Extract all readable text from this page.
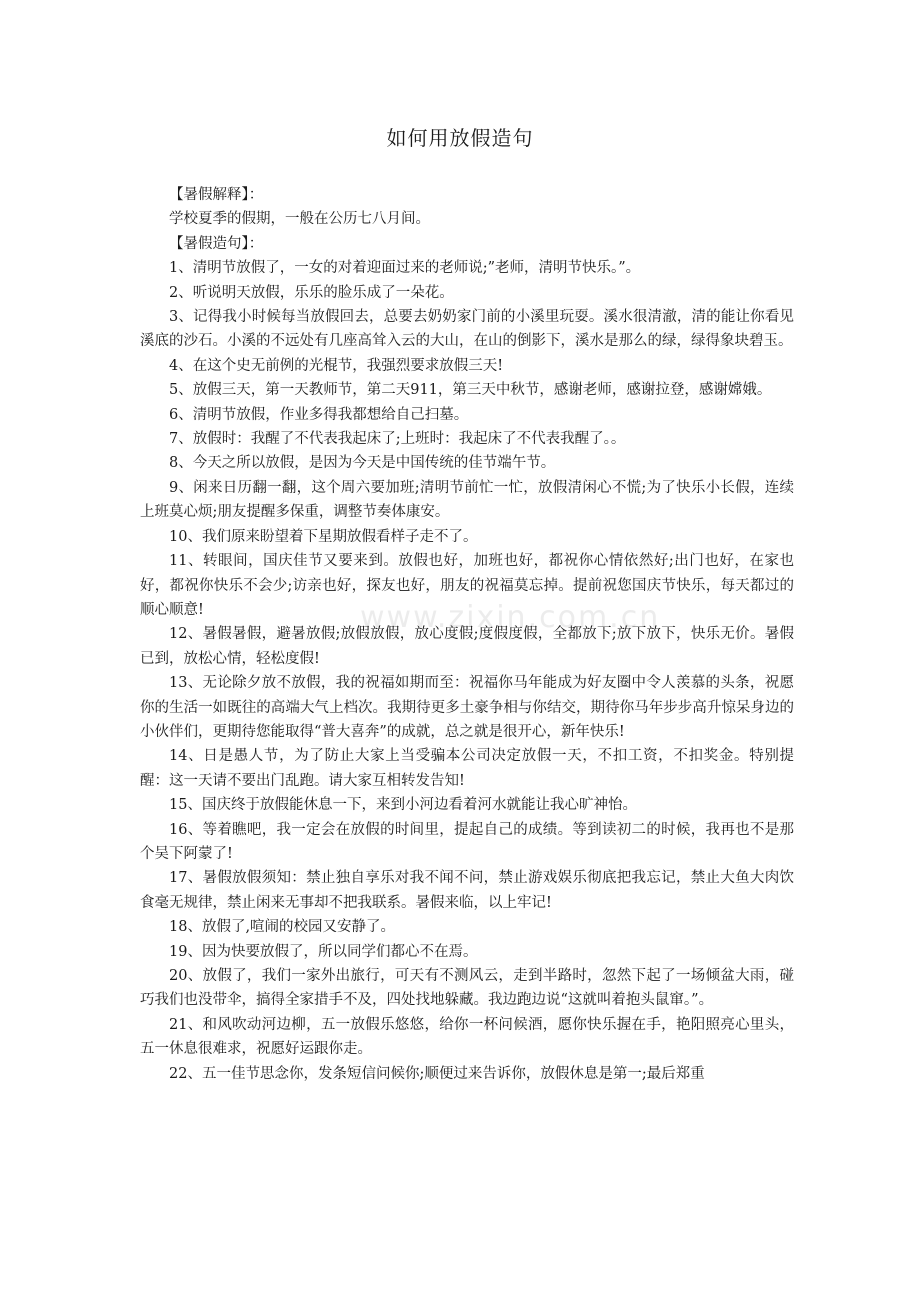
如何用放假造句
www.zixin.com.cn

【暑假解释】：

学校夏季的假期，一般在公历七八月间。

【暑假造句】：

1、清明节放假了，一女的对着迎面过来的老师说;”老师，清明节快乐。”。

2、听说明天放假，乐乐的脸乐成了一朵花。

3、记得我小时候每当放假回去，总要去奶奶家门前的小溪里玩耍。溪水很清澈，清的能让你看见溪底的沙石。小溪的不远处有几座高耸入云的大山，在山的倒影下，溪水是那么的绿，绿得象块碧玉。

4、在这个史无前例的光棍节，我强烈要求放假三天!

5、放假三天，第一天教师节，第二天911，第三天中秋节，感谢老师，感谢拉登，感谢嫦娥。

6、清明节放假，作业多得我都想给自己扫墓。

7、放假时：我醒了不代表我起床了;上班时：我起床了不代表我醒了。。

8、今天之所以放假，是因为今天是中国传统的佳节端午节。

9、闲来日历翻一翻，这个周六要加班;清明节前忙一忙，放假清闲心不慌;为了快乐小长假，连续上班莫心烦;朋友提醒多保重，调整节奏体康安。

10、我们原来盼望着下星期放假看样子走不了。

11、转眼间，国庆佳节又要来到。放假也好，加班也好，都祝你心情依然好;出门也好，在家也好，都祝你快乐不会少;访亲也好，探友也好，朋友的祝福莫忘掉。提前祝您国庆节快乐，每天都过的顺心顺意!

12、暑假暑假，避暑放假;放假放假，放心度假;度假度假，全都放下;放下放下，快乐无价。暑假已到，放松心情，轻松度假!

13、无论除夕放不放假，我的祝福如期而至：祝福你马年能成为好友圈中令人羡慕的头条，祝愿你的生活一如既往的高端大气上档次。我期待更多土豪争相与你结交，期待你马年步步高升惊呆身边的小伙伴们，更期待您能取得“普大喜奔”的成就，总之就是很开心，新年快乐!

14、日是愚人节，为了防止大家上当受骗本公司决定放假一天，不扣工资，不扣奖金。特别提醒：这一天请不要出门乱跑。请大家互相转发告知!

15、国庆终于放假能休息一下，来到小河边看着河水就能让我心旷神怡。

16、等着瞧吧，我一定会在放假的时间里，提起自己的成绩。等到读初二的时候，我再也不是那个吴下阿蒙了!

17、暑假放假须知：禁止独自享乐对我不闻不问，禁止游戏娱乐彻底把我忘记，禁止大鱼大肉饮食毫无规律，禁止闲来无事却不把我联系。暑假来临，以上牢记!

18、放假了,喧闹的校园又安静了。

19、因为快要放假了，所以同学们都心不在焉。

20、放假了，我们一家外出旅行，可天有不测风云，走到半路时，忽然下起了一场倾盆大雨，碰巧我们也没带伞，搞得全家措手不及，四处找地躲藏。我边跑边说“这就叫着抱头鼠窜。”。

21、和风吹动河边柳，五一放假乐悠悠，给你一杯问候酒，愿你快乐握在手，艳阳照亮心里头，五一休息很难求，祝愿好运跟你走。

22、五一佳节思念你，发条短信问候你;顺便过来告诉你，放假休息是第一;最后郑重
